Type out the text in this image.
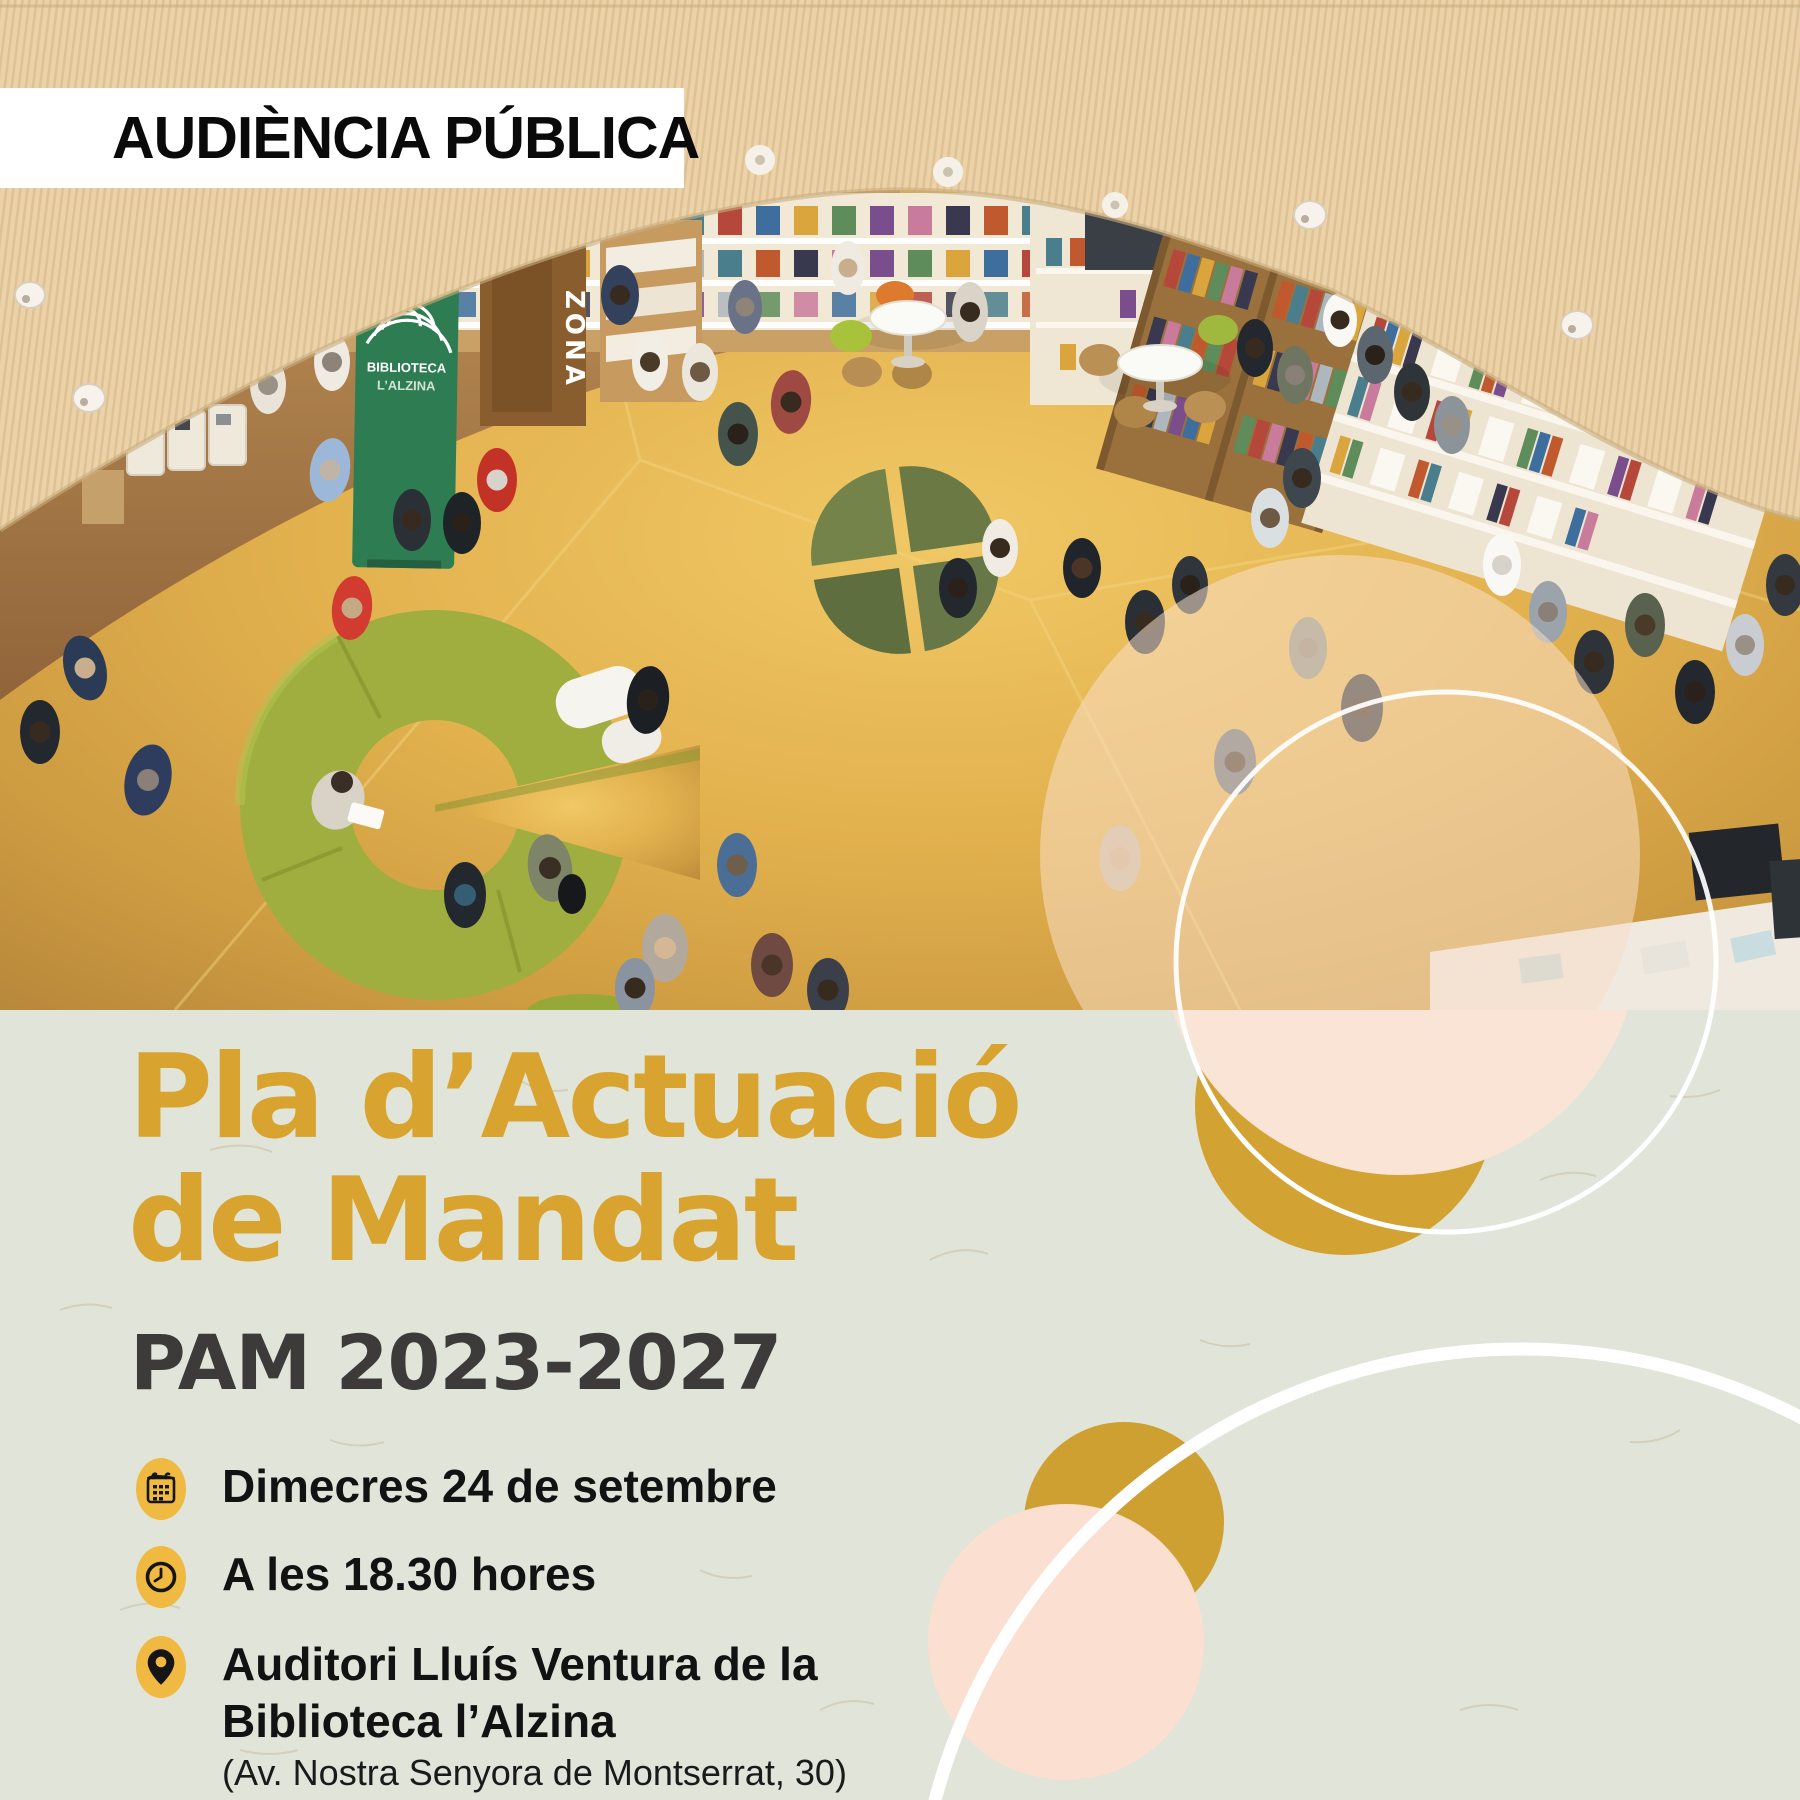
BIBLIOTECA
L’ALZINA	ZONA
AUDIÈNCIA PÚBLICA
Pla d’Actuació
de Mandat
PAM 2023-2027
Dimecres 24 de setembre
A les 18.30 hores
Auditori Lluís Ventura de la
Biblioteca l’Alzina
(Av. Nostra Senyora de Montserrat, 30)
